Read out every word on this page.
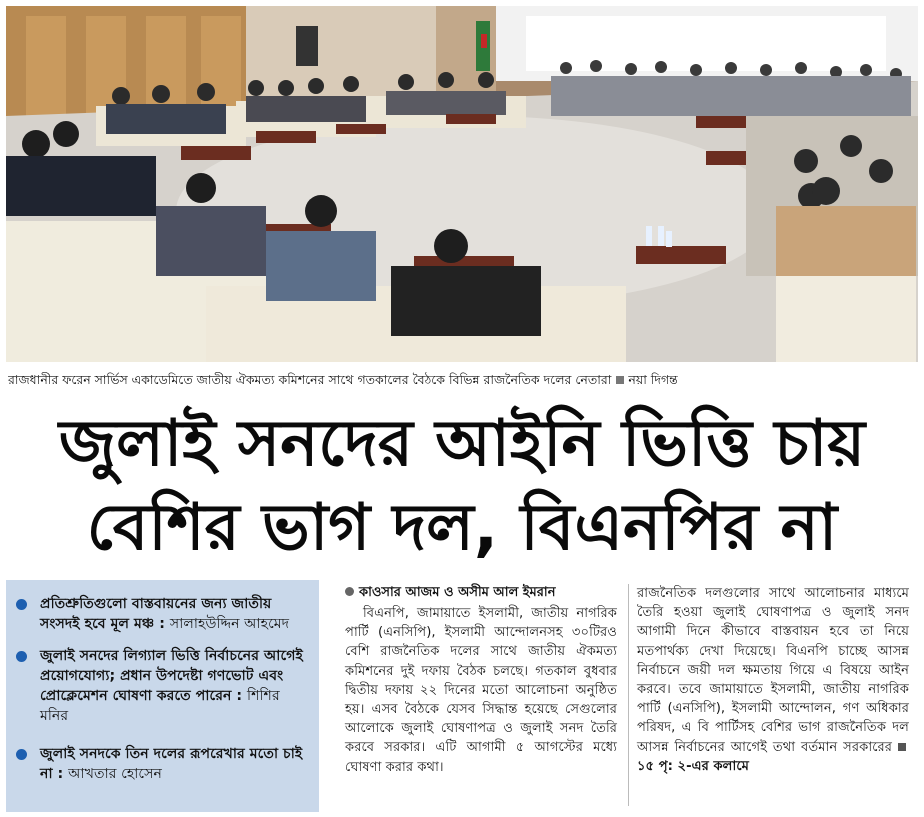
রাজধানীর ফরেন সার্ভিস একাডেমিতে জাতীয় ঐকমত্য কমিশনের সাথে গতকালের বৈঠকে বিভিন্ন রাজনৈতিক দলের নেতারা নয়া দিগন্ত
জুলাই সনদের আইনি ভিত্তি চায়
বেশির ভাগ দল, বিএনপির না
প্রতিশ্রুতিগুলো বাস্তবায়নের জন্য জাতীয় সংসদই হবে মূল মঞ্চ : সালাহউদ্দিন আহমেদ
জুলাই সনদের লিগ্যাল ভিত্তি নির্বাচনের আগেই প্রয়োগযোগ্য; প্রধান উপদেষ্টা গণভোট এবং প্রোক্লেমেশন ঘোষণা করতে পারেন : শিশির মনির
জুলাই সনদকে তিন দলের রূপরেখার মতো চাই না : আখতার হোসেন
কাওসার আজম ও অসীম আল ইমরান
বিএনপি, জামায়াতে ইসলামী, জাতীয় নাগরিক পার্টি (এনসিপি), ইসলামী আন্দোলনসহ ৩০টিরও বেশি রাজনৈতিক দলের সাথে জাতীয় ঐকমত্য কমিশনের দুই দফায় বৈঠক চলছে। গতকাল বুধবার দ্বিতীয় দফায় ২২ দিনের মতো আলোচনা অনুষ্ঠিত হয়। এসব বৈঠকে যেসব সিদ্ধান্ত হয়েছে সেগুলোর আলোকে জুলাই ঘোষণাপত্র ও জুলাই সনদ তৈরি করবে সরকার। এটি আগামী ৫ আগস্টের মধ্যে ঘোষণা করার কথা।
রাজনৈতিক দলগুলোর সাথে আলোচনার মাধ্যমে তৈরি হওয়া জুলাই ঘোষণাপত্র ও জুলাই সনদ আগামী দিনে কীভাবে বাস্তবায়ন হবে তা নিয়ে মতপার্থক্য দেখা দিয়েছে। বিএনপি চাচ্ছে আসন্ন নির্বাচনে জয়ী দল ক্ষমতায় গিয়ে এ বিষয়ে আইন করবে। তবে জামায়াতে ইসলামী, জাতীয় নাগরিক পার্টি (এনসিপি), ইসলামী আন্দোলন, গণ অধিকার পরিষদ, এ বি পার্টিসহ বেশির ভাগ রাজনৈতিক দল আসন্ন নির্বাচনের আগেই তথা বর্তমান সরকারের১৫ পৃ: ২-এর কলামে
